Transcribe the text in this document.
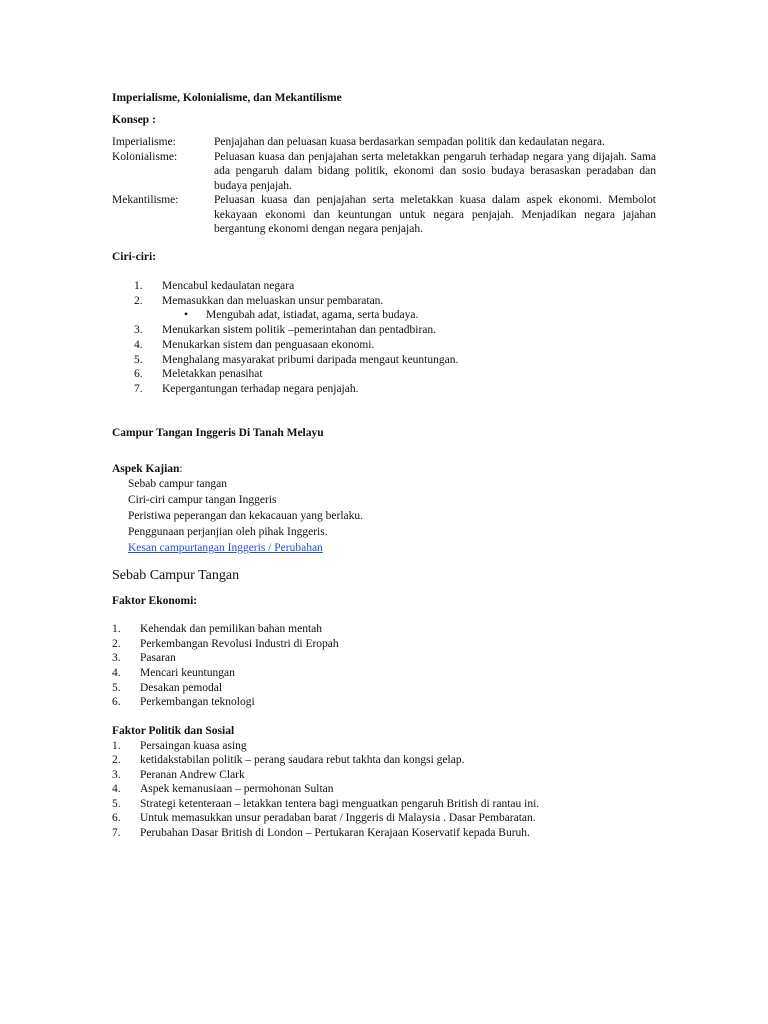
Imperialisme, Kolonialisme, dan Mekantilisme
Konsep :
Imperialisme:	Penjajahan dan peluasan kuasa berdasarkan sempadan politik dan kedaulatan negara.
Kolonialisme:	Peluasan kuasa dan penjajahan serta meletakkan pengaruh terhadap negara yang dijajah. Sama ada pengaruh dalam bidang politik, ekonomi dan sosio budaya berasaskan peradaban dan budaya penjajah.
Mekantilisme:	Peluasan kuasa dan penjajahan serta meletakkan kuasa dalam aspek ekonomi. Membolot kekayaan ekonomi dan keuntungan untuk negara penjajah. Menjadikan negara jajahan bergantung ekonomi dengan negara penjajah.
Ciri-ciri:
1.	Mencabul kedaulatan negara
2.	Memasukkan dan meluaskan unsur pembaratan.
• Mengubah adat, istiadat, agama, serta budaya.
3.	Menukarkan sistem politik –pemerintahan dan pentadbiran.
4.	Menukarkan sistem dan penguasaan ekonomi.
5.	Menghalang masyarakat pribumi daripada mengaut keuntungan.
6.	Meletakkan penasihat
7.	Kepergantungan terhadap negara penjajah.
Campur Tangan Inggeris Di Tanah Melayu
Aspek Kajian:
Sebab campur tangan
Ciri-ciri campur tangan Inggeris
Peristiwa peperangan dan kekacauan yang berlaku.
Penggunaan perjanjian oleh pihak Inggeris.
Kesan campurtangan Inggeris / Perubahan
Sebab Campur Tangan
Faktor Ekonomi:
1.	Kehendak dan pemilikan bahan mentah
2.	Perkembangan Revolusi Industri di Eropah
3.	Pasaran
4.	Mencari keuntungan
5.	Desakan pemodal
6.	Perkembangan teknologi
Faktor Politik dan Sosial
1.	Persaingan kuasa asing
2.	ketidakstabilan politik – perang saudara rebut takhta dan kongsi gelap.
3.	Peranan Andrew Clark
4.	Aspek kemanusiaan – permohonan Sultan
5.	Strategi ketenteraan – letakkan tentera bagi menguatkan pengaruh British di rantau ini.
6.	Untuk memasukkan unsur peradaban barat / Inggeris di Malaysia . Dasar Pembaratan.
7.	Perubahan Dasar British di London – Pertukaran Kerajaan Koservatif kepada Buruh.
